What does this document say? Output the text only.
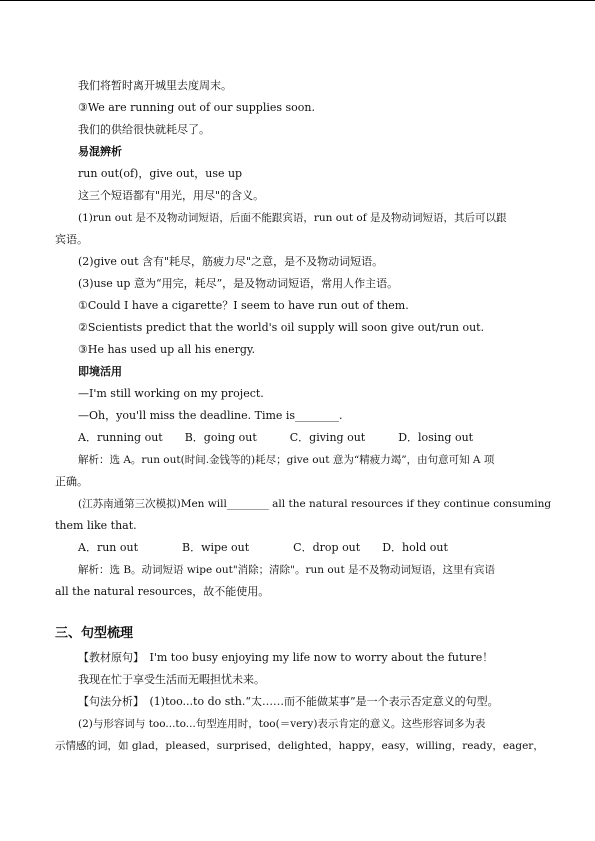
我们将暂时离开城里去度周末。
③We are running out of our supplies soon.
我们的供给很快就耗尽了。
易混辨析
run out(of)，give out，use up
这三个短语都有"用光，用尽"的含义。
(1)run out 是不及物动词短语，后面不能跟宾语，run out of 是及物动词短语，其后可以跟
宾语。
(2)give out 含有"耗尽，筋疲力尽"之意，是不及物动词短语。
(3)use up 意为“用完，耗尽”，是及物动词短语，常用人作主语。
①Could I have a cigarette？I seem to have run out of them.
②Scientists predict that the world's oil supply will soon give out/run out.
③He has used up all his energy.
即境活用
—I'm still working on my project.
—Oh，you'll miss the deadline. Time is________.
A．running out　　B．going out　　　C．giving out　　　D．losing out
解析：选 A。run out(时间.金钱等的)耗尽；give out 意为“精疲力竭”，由句意可知 A 项
正确。
(江苏南通第三次模拟)Men will________ all the natural resources if they continue consuming
them like that.
A．run out　　　　B．wipe out　　　　C．drop out　　D．hold out
解析：选 B。动词短语 wipe out"消除；清除"。run out 是不及物动词短语，这里有宾语
all the natural resources，故不能使用。
三、句型梳理
【教材原句】　I'm too busy enjoying my life now to worry about the future！
我现在忙于享受生活而无暇担忧未来。
【句法分析】　(1)too...to do sth.“太……而不能做某事”是一个表示否定意义的句型。
(2)与形容词与 too...to...句型连用时，too(＝very)表示肯定的意义。这些形容词多为表
示情感的词，如 glad，pleased，surprised，delighted，happy，easy，willing，ready，eager，
